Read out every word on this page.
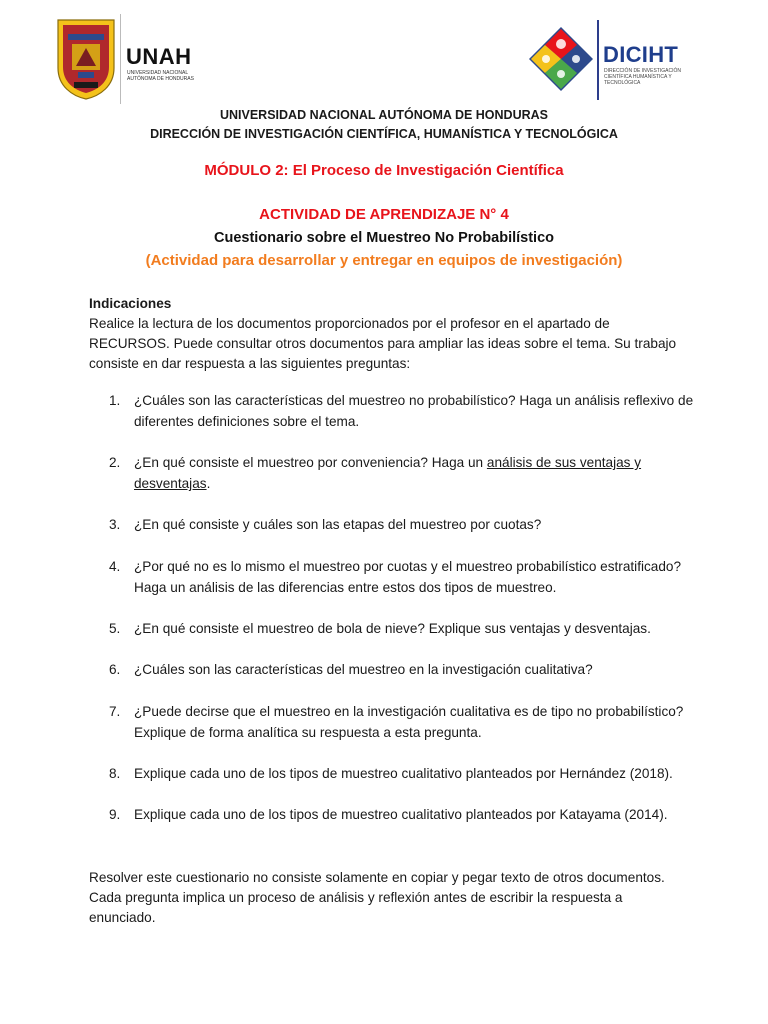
UNAH
UNIVERSIDAD NACIONAL AUTÓNOMA DE HONDURAS
DICIHT
DIRECCIÓN DE INVESTIGACIÓN CIENTÍFICA HUMANÍSTICA Y TECNOLÓGICA
UNIVERSIDAD NACIONAL AUTÓNOMA DE HONDURAS
DIRECCIÓN DE INVESTIGACIÓN CIENTÍFICA, HUMANÍSTICA Y TECNOLÓGICA
MÓDULO 2: El Proceso de Investigación Científica
ACTIVIDAD DE APRENDIZAJE N° 4
Cuestionario sobre el Muestreo No Probabilístico
(Actividad para desarrollar y entregar en equipos de investigación)
Indicaciones
Realice la lectura de los documentos proporcionados por el profesor en el apartado de RECURSOS. Puede consultar otros documentos para ampliar las ideas sobre el tema. Su trabajo consiste en dar respuesta a las siguientes preguntas:
1.	¿Cuáles son las características del muestreo no probabilístico? Haga un análisis reflexivo de diferentes definiciones sobre el tema.
2.	¿En qué consiste el muestreo por conveniencia? Haga un análisis de sus ventajas y desventajas.
3.	¿En qué consiste y cuáles son las etapas del muestreo por cuotas?
4.	¿Por qué no es lo mismo el muestreo por cuotas y el muestreo probabilístico estratificado? Haga un análisis de las diferencias entre estos dos tipos de muestreo.
5.	¿En qué consiste el muestreo de bola de nieve? Explique sus ventajas y desventajas.
6.	¿Cuáles son las características del muestreo en la investigación cualitativa?
7.	¿Puede decirse que el muestreo en la investigación cualitativa es de tipo no probabilístico? Explique de forma analítica su respuesta a esta pregunta.
8.	Explique cada uno de los tipos de muestreo cualitativo planteados por Hernández (2018).
9.	Explique cada uno de los tipos de muestreo cualitativo planteados por Katayama (2014).
Resolver este cuestionario no consiste solamente en copiar y pegar texto de otros documentos. Cada pregunta implica un proceso de análisis y reflexión antes de escribir la respuesta a enunciado.
